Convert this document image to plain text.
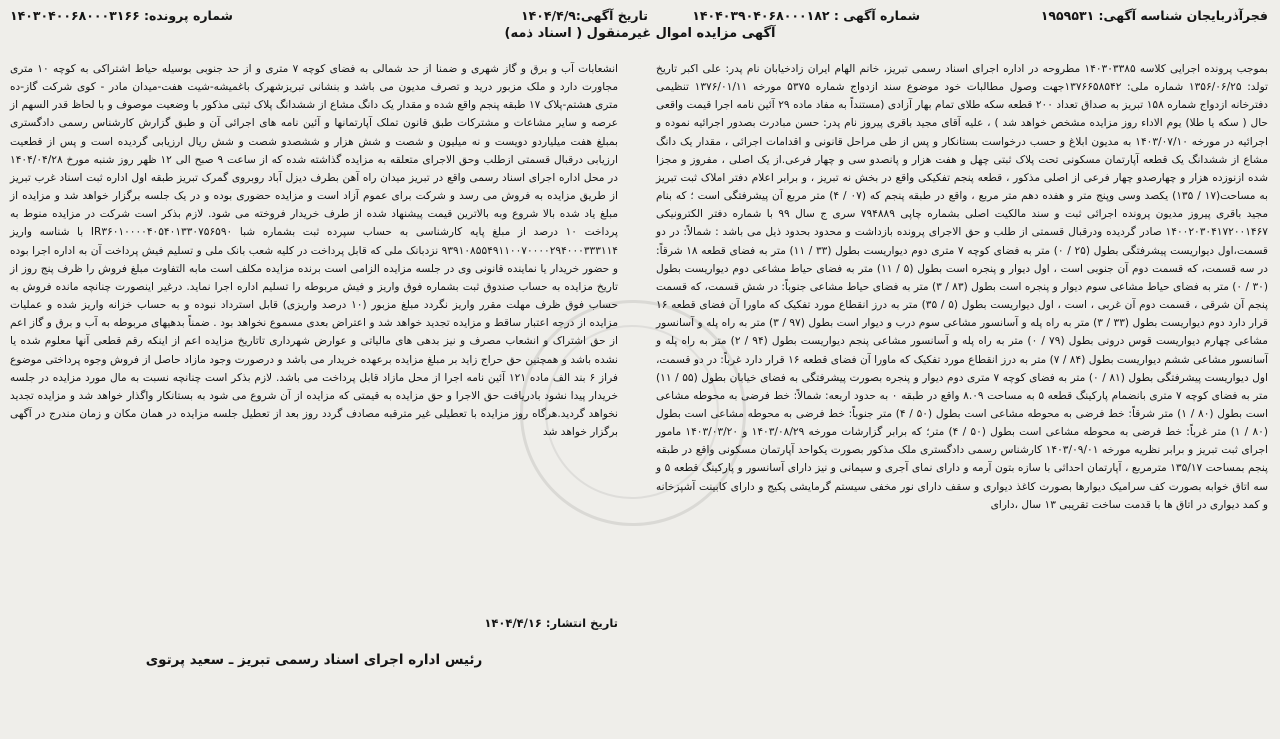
فجرآذربایجان شناسه آگهی: ۱۹۵۹۵۳۱
شماره آگهی : ۱۴۰۴۰۳۹۰۴۰۶۸۰۰۰۱۸۲
تاریخ آگهی:۱۴۰۴/۴/۹
شماره پرونده: ۱۴۰۳۰۴۰۰۶۸۰۰۰۳۱۶۶
آگهی مزایده اموال غیرمنقول ( اسناد ذمه)

بموجب پرونده اجرایی کلاسه ۱۴۰۳۰۳۳۸۵ مطروحه در اداره اجرای اسناد رسمی تبریز، خانم الهام ایران زادخیابان نام پدر: علی اکبر تاریخ تولد: ۱۳۵۶/۰۶/۲۵ شماره ملی: ۱۳۷۶۶۵۸۵۴۲جهت وصول مطالبات خود موضوع سند ازدواج شماره ۵۳۷۵ مورخه ۱۳۷۶/۰۱/۱۱ تنظیمی دفترخانه ازدواج شماره ۱۵۸ تبریز به صداق تعداد ۲۰۰ قطعه سکه طلای تمام بهار آزادی (مستنداً به مفاد ماده ۲۹ آئین نامه اجرا قیمت واقعی حال ( سکه یا طلا) یوم الاداء روز مزایده مشخص خواهد شد ) ، علیه آقای مجید باقری پیروز نام پدر: حسن مبادرت بصدور اجرائیه نموده و اجرائیه در مورخه ۱۴۰۳/۰۷/۱۰ به مدیون ابلاغ و حسب درخواست بستانکار و پس از طی مراحل قانونی و اقدامات اجرائی ، مقدار یک دانگ مشاع از ششدانگ یک قطعه آپارتمان مسکونی تحت پلاک ثبتی چهل و هفت هزار و پانصدو سی و چهار فرعی.از یک اصلی ، مفروز و مجزا شده ازنوزده هزار و چهارصدو چهار فرعی از اصلی مذکور ، قطعه پنجم تفکیکی واقع در بخش نه تبریز ، و برابر اعلام دفتر املاک ثبت تبریز به مساحت(۱۷ / ۱۳۵) یکصد وسی وپنج متر و هفده دهم متر مربع ، واقع در طبقه پنجم که (۰۷ / ۴) متر مربع آن پیشرفتگی است ؛ که بنام مجید باقری پیروز مدیون پرونده اجرائی ثبت و سند مالکیت اصلی بشماره چاپی ۷۹۴۸۸۹ سری ج سال ۹۹ با شماره دفتر الکترونیکی ۱۴۰۰۲۰۳۰۴۱۷۲۰۰۱۴۶۷ صادر گردیده ودرقبال قسمتی از طلب و حق الاجرای پرونده بازداشت و محدود بحدود ذیل می باشد : شمالاً: در دو قسمت،اول دیواریست پیشرفتگی بطول (۲۵ / ۰) متر به فضای کوچه ۷ متری دوم دیواریست بطول (۳۳ / ۱۱) متر به فضای قطعه ۱۸ شرقاً: در سه قسمت، که قسمت دوم آن جنوبی است ، اول دیوار و پنجره است بطول (۵ / ۱۱) متر به فضای حیاط مشاعی دوم دیواریست بطول (۳۰ / ۰) متر به فضای حیاط مشاعی سوم دیوار و پنجره است بطول (۸۳ / ۳) متر به فضای حیاط مشاعی جنوباً: در شش قسمت، که قسمت پنجم آن شرقی ، قسمت دوم آن غربی ، است ، اول دیواریست بطول (۵ / ۳۵) متر به درز انقطاع مورد تفکیک که ماورا آن فضای قطعه ۱۶ قرار دارد دوم دیواریست بطول (۳۳ / ۳) متر به راه پله و آسانسور مشاعی سوم درب و دیوار است بطول (۹۷ / ۳) متر به راه پله و آسانسور مشاعی چهارم دیواریست قوس درونی بطول (۷۹ / ۰) متر به راه پله و آسانسور مشاعی پنجم دیواریست بطول (۹۴ / ۲) متر به راه پله و آسانسور مشاعی ششم دیواریست بطول (۸۴ / ۷) متر به درز انقطاع مورد تفکیک که ماورا آن فضای قطعه ۱۶ قرار دارد غرباً: در دو قسمت، اول دیواریست پیشرفتگی بطول (۸۱ / ۰) متر به فضای کوچه ۷ متری دوم دیوار و پنجره بصورت پیشرفتگی به فضای خیابان بطول (۵۵ / ۱۱) متر به فضای کوچه ۷ متری بانضمام پارکینگ قطعه ۵ به مساحت ۸.۰۹ واقع در طبقه ۰ به حدود اربعه: شمالاً: خط فرضی به محوطه مشاعی است بطول (۸۰ / ۱) متر شرقاً: خط فرضی به محوطه مشاعی است بطول (۵۰ / ۴) متر جنوباً: خط فرضی به محوطه مشاعی است بطول (۸۰ / ۱) متر غرباً: خط فرضی به محوطه مشاعی است بطول (۵۰ / ۴) متر؛ که برابر گزارشات مورخه ۱۴۰۳/۰۸/۲۹ و ۱۴۰۳/۰۳/۲۰ مامور اجرای ثبت تبریز و برابر نظریه مورخه ۱۴۰۳/۰۹/۰۱ کارشناس رسمی دادگستری ملک مذکور بصورت یکواحد آپارتمان مسکونی واقع در طبقه پنجم بمساحت ۱۳۵/۱۷ مترمربع ، آپارتمان احداثی با سازه بتون آرمه و دارای نمای آجری و سیمانی و نیز دارای آسانسور و پارکینگ قطعه ۵ و سه اتاق خوابه بصورت کف سرامیک دیوارها بصورت کاغذ دیواری و سقف دارای نور مخفی سیستم گرمایشی پکیج و دارای کابینت آشپزخانه و کمد دیواری در اتاق ها با قدمت ساخت تقریبی ۱۳ سال ،دارای

انشعابات آب و برق و گاز شهری و ضمنا از حد شمالی به فضای کوچه ۷ متری و از حد جنوبی بوسیله حیاط اشتراکی به کوچه ۱۰ متری مجاورت دارد و ملک مزبور درید و تصرف مدیون می باشد و بنشانی تبریزشهرک باغمیشه-شیت هفت-میدان مادر - کوی شرکت گاز-ده متری هشتم-پلاک ۱۷ طبقه پنجم واقع شده و مقدار یک دانگ مشاع از ششدانگ پلاک ثبتی مذکور با وضعیت موصوف و با لحاظ قدر السهم از عرصه و سایر مشاعات و مشترکات طبق قانون تملک آپارتمانها و آئین نامه های اجرائی آن و طبق گزارش کارشناس رسمی دادگستری بمبلغ هفت میلیاردو دویست و نه میلیون و شصت و شش هزار و ششصدو شصت و شش ریال ارزیابی گردیده است و پس از قطعیت ارزیابی درقبال قسمتی ازطلب وحق الاجرای متعلقه به مزایده گذاشته شده که از ساعت ۹ صبح الی ۱۲ ظهر روز شنبه مورخ ۱۴۰۴/۰۴/۲۸ در محل اداره اجرای اسناد رسمی واقع در تبریز میدان راه آهن بطرف دیزل آباد روبروی گمرک تبریز طبقه اول اداره ثبت اسناد غرب تبریز از طریق مزایده به فروش می رسد و شرکت برای عموم آزاد است و مزایده حضوری بوده و در یک جلسه برگزار خواهد شد و مزایده از مبلغ یاد شده بالا شروع وبه بالاترین قیمت پیشنهاد شده از طرف خریدار فروخته می شود. لازم بذکر است شرکت در مزایده منوط به پرداخت ۱۰ درصد از مبلغ پایه کارشناسی به حساب سپرده ثبت بشماره شبا IR۳۶۰۱۰۰۰۰۴۰۵۴۰۱۳۳۰۷۵۶۵۹۰ با شناسه واریز ۹۳۹۱۰۸۵۵۴۹۱۱۰۰۷۰۰۰۰۲۹۴۰۰۰۳۳۳۱۱۴ نزدبانک ملی که قابل پرداخت در کلیه شعب بانک ملی و تسلیم فیش پرداخت آن به اداره اجرا بوده و حضور خریدار یا نماینده قانونی وی در جلسه مزایده الزامی است برنده مزایده مکلف است مابه التفاوت مبلغ فروش را ظرف پنج روز از تاریخ مزایده به حساب صندوق ثبت بشماره فوق واریز و فیش مربوطه را تسلیم اداره اجرا نماید. درغیر اینصورت چنانچه مانده فروش به حساب فوق ظرف مهلت مقرر واریز نگردد مبلغ مزبور (۱۰ درصد واریزی) قابل استرداد نبوده و به حساب خزانه واریز شده و عملیات مزایده از درجه اعتبار ساقط و مزایده تجدید خواهد شد و اعتراض بعدی مسموع نخواهد بود . ضمناً بدهیهای مربوطه به آب و برق و گاز اعم از حق اشتراک و انشعاب مصرف و نیز بدهی های مالیاتی و عوارض شهرداری تاتاریخ مزایده اعم از اینکه رقم قطعی آنها معلوم شده یا نشده باشد و همچنین حق حراج زاید بر مبلغ مزایده برعهده خریدار می باشد و درصورت وجود مازاد حاصل از فروش وجوه پرداختی موضوع فراز ۶ بند الف ماده ۱۲۱ آئین نامه اجرا از محل مازاد قابل پرداخت می باشد. لازم بذکر است چنانچه نسبت به مال مورد مزایده در جلسه خریدار پیدا نشود بادریافت حق الاجرا و حق مزایده به قیمتی که مزایده از آن شروع می شود به بستانکار واگذار خواهد شد و مزایده تجدید نخواهد گردید.هرگاه روز مزایده با تعطیلی غیر مترقبه مصادف گردد روز بعد از تعطیل جلسه مزایده در همان مکان و زمان مندرج در آگهی برگزار خواهد شد

تاریخ انتشار: ۱۴۰۴/۴/۱۶
رئیس اداره اجرای اسناد رسمی تبریز ـ سعید پرتوی
